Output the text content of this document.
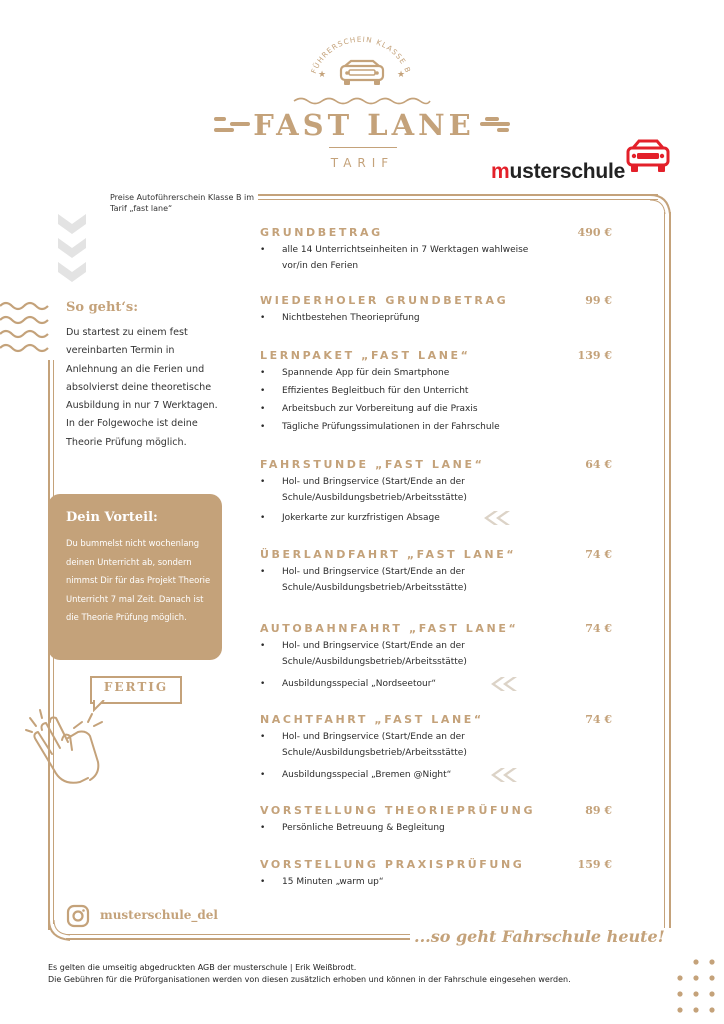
FÜHRERSCHEIN KLASSE B
★	★
FAST LANE
TARIF	musterschule
Preise Autoführerschein Klasse B im Tarif „fast lane“
So geht‘s:
Du startest zu einem fest vereinbarten Termin in Anlehnung an die Ferien und absolvierst deine theoretische Ausbildung in nur 7 Werktagen. In der Folgewoche ist deine Theorie Prüfung möglich.
Dein Vorteil:
Du bummelst nicht wochenlang deinen Unterricht ab, sondern nimmst Dir für das Projekt Theorie Unterricht 7 mal Zeit. Danach ist die Theorie Prüfung möglich.
FERTIG
GRUNDBETRAG	490 €
• alle 14 Unterrichtseinheiten in 7 Werktagen wahlweise vor/in den Ferien
WIEDERHOLER GRUNDBETRAG	99 €
• Nichtbestehen Theorieprüfung
LERNPAKET „FAST LANE“	139 €
• Spannende App für dein Smartphone
• Effizientes Begleitbuch für den Unterricht
• Arbeitsbuch zur Vorbereitung auf die Praxis
• Tägliche Prüfungssimulationen in der Fahrschule
FAHRSTUNDE „FAST LANE“	64 €
• Hol- und Bringservice (Start/Ende an der Schule/Ausbildungsbetrieb/Arbeitsstätte)
• Jokerkarte zur kurzfristigen Absage
ÜBERLANDFAHRT „FAST LANE“	74 €
• Hol- und Bringservice (Start/Ende an der Schule/Ausbildungsbetrieb/Arbeitsstätte)
AUTOBAHNFAHRT „FAST LANE“	74 €
• Hol- und Bringservice (Start/Ende an der Schule/Ausbildungsbetrieb/Arbeitsstätte)
• Ausbildungsspecial „Nordseetour“
NACHTFAHRT „FAST LANE“	74 €
• Hol- und Bringservice (Start/Ende an der Schule/Ausbildungsbetrieb/Arbeitsstätte)
• Ausbildungsspecial „Bremen @Night“
VORSTELLUNG THEORIEPRÜFUNG	89 €
• Persönliche Betreuung & Begleitung
VORSTELLUNG PRAXISPRÜFUNG	159 €
• 15 Minuten „warm up“
musterschule_del
...so geht Fahrschule heute!
Es gelten die umseitig abgedruckten AGB der musterschule | Erik Weißbrodt.
Die Gebühren für die Prüforganisationen werden von diesen zusätzlich erhoben und können in der Fahrschule eingesehen werden.
